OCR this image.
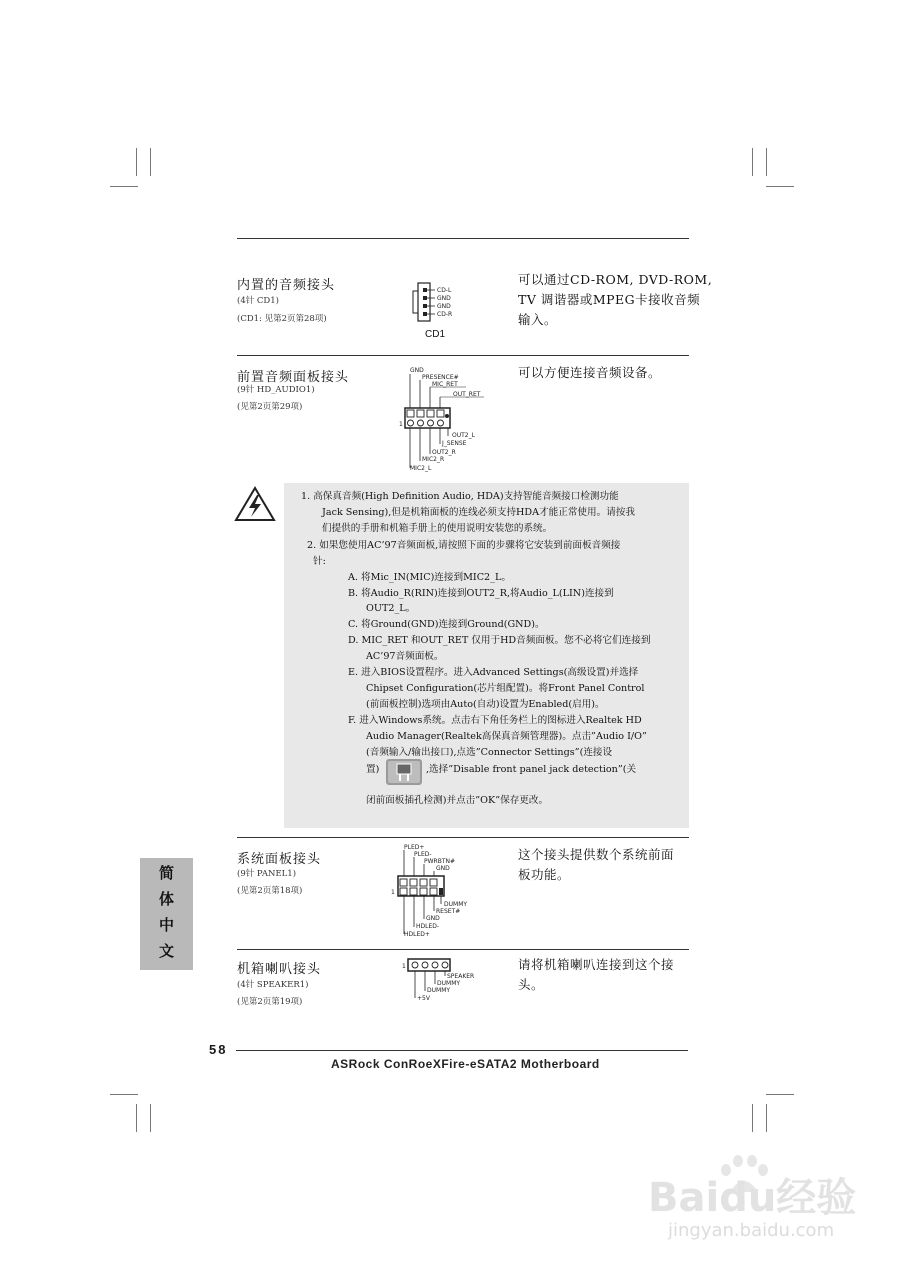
内置的音频接头
(4针 CD1)
(CD1: 见第2页第28项)
CD-L
GND
GND
CD-R
CD1
可以通过CD-ROM, DVD-ROM,
TV 调谐器或MPEG卡接收音频
输入。
前置音频面板接头
(9针 HD_AUDIO1)
(见第2页第29项)
GND
PRESENCE#
MIC_RET
OUT_RET
1
OUT2_L
J_SENSE
OUT2_R
MIC2_R
MIC2_L
可以方便连接音频设备。
1. 高保真音频(High Definition Audio, HDA)支持智能音频接口检测功能
Jack Sensing),但是机箱面板的连线必须支持HDA才能正常使用。请按我
们提供的手册和机箱手册上的使用说明安装您的系统。
2. 如果您使用AC’97音频面板,请按照下面的步骤将它安装到前面板音频接
针:
A. 将Mic_IN(MIC)连接到MIC2_L。
B. 将Audio_R(RIN)连接到OUT2_R,将Audio_L(LIN)连接到
OUT2_L。
C. 将Ground(GND)连接到Ground(GND)。
D. MIC_RET 和OUT_RET 仅用于HD音频面板。您不必将它们连接到
AC’97音频面板。
E. 进入BIOS设置程序。进入Advanced Settings(高级设置)并选择
Chipset Configuration(芯片组配置)。将Front Panel Control
(前面板控制)选项由Auto(自动)设置为Enabled(启用)。
F. 进入Windows系统。点击右下角任务栏上的图标进入Realtek HD
Audio Manager(Realtek高保真音频管理器)。点击”Audio I/O”
(音频输入/输出接口),点选”Connector Settings”(连接设
置)	,选择”Disable front panel jack detection”(关
闭前面板插孔检测)并点击”OK”保存更改。
系统面板接头
(9针 PANEL1)
(见第2页第18项)
PLED+
PLED-
PWRBTN#
GND
1
DUMMY
RESET#
GND
HDLED-
HDLED+
这个接头提供数个系统前面
板功能。
简
体
中
文
机箱喇叭接头
(4针 SPEAKER1)
(见第2页第19项)
1
SPEAKER
DUMMY
DUMMY
+5V
请将机箱喇叭连接到这个接
头。
58
ASRock ConRoeXFire-eSATA2 Motherboard
Baidu经验
jingyan.baidu.com
